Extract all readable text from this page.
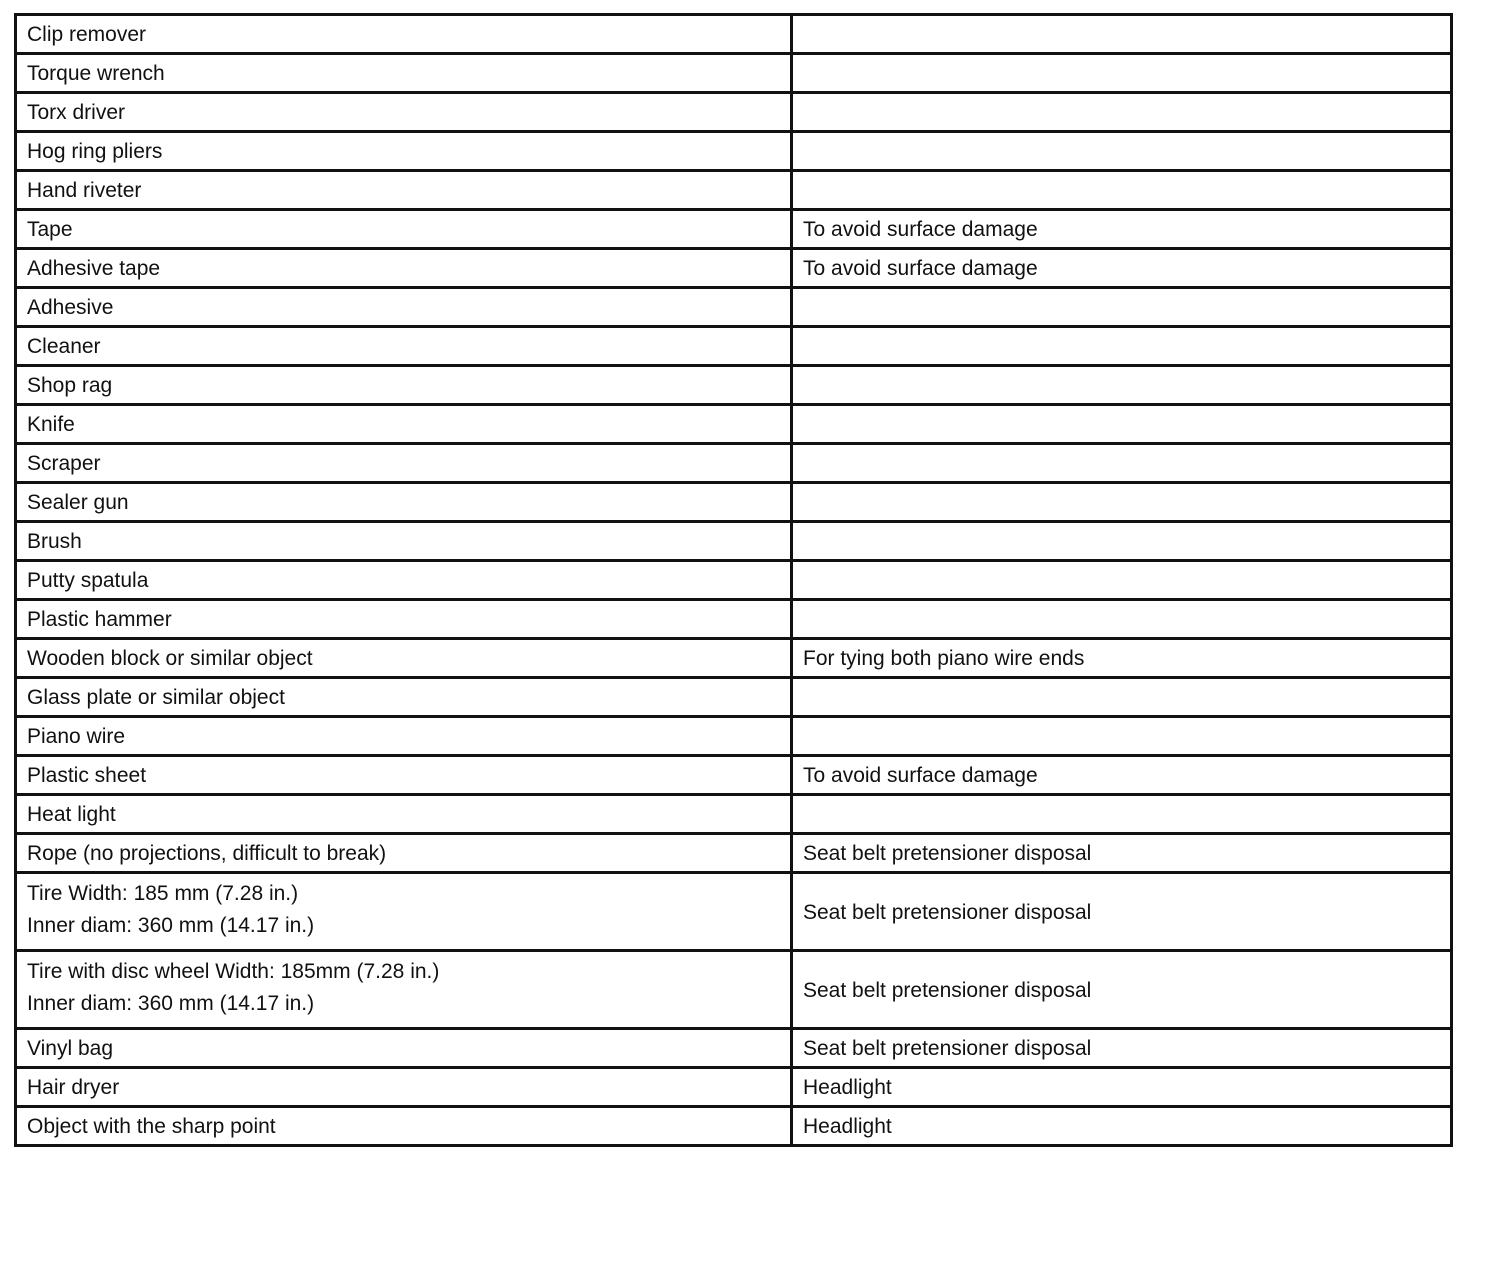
Clip remover	
Torque wrench	
Torx driver	
Hog ring pliers	
Hand riveter	
Tape	To avoid surface damage
Adhesive tape	To avoid surface damage
Adhesive	
Cleaner	
Shop rag	
Knife	
Scraper	
Sealer gun	
Brush	
Putty spatula	
Plastic hammer	
Wooden block or similar object	For tying both piano wire ends
Glass plate or similar object	
Piano wire	
Plastic sheet	To avoid surface damage
Heat light	
Rope (no projections, difficult to break)	Seat belt pretensioner disposal

Tire Width: 185 mm (7.28 in.)
Inner diam: 360 mm (14.17 in.)	Seat belt pretensioner disposal

Tire with disc wheel Width: 185mm (7.28 in.)
Inner diam: 360 mm (14.17 in.)	Seat belt pretensioner disposal
Vinyl bag	Seat belt pretensioner disposal
Hair dryer	Headlight
Object with the sharp point	Headlight
